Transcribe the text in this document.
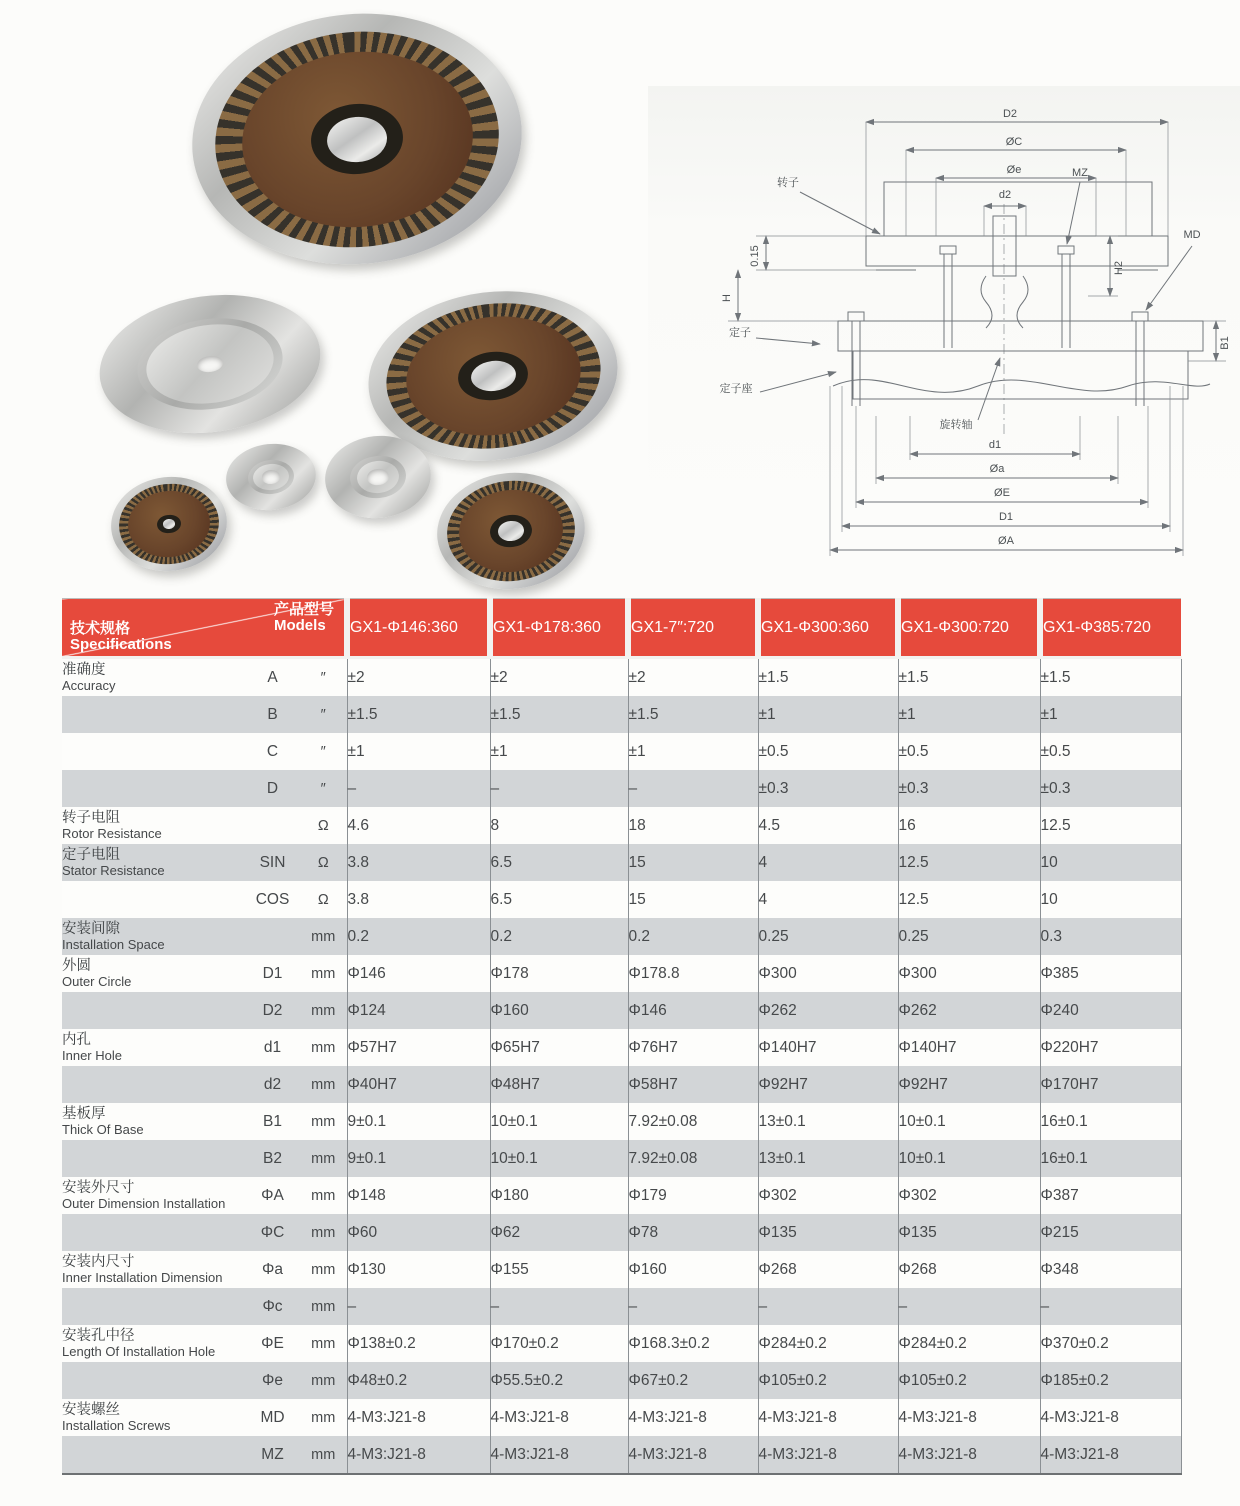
D2
ØC
Øe
d2
0.15
H
H2
B1
转子
MZ
MD
定子
定子座
旋转轴
d1
Øa
ØE
D1
ØA
产品型号
Models
技术规格
Specifications			GX1-Φ146:360	GX1-Φ178:360	GX1-7″:720	GX1-Φ300:360	GX1-Φ300:720	GX1-Φ385:720

准确度
Accuracy	A	″	±2	±2	±2	±1.5	±1.5	±1.5
	B	″	±1.5	±1.5	±1.5	±1	±1	±1
	C	″	±1	±1	±1	±0.5	±0.5	±0.5
	D	″	–	–	–	±0.3	±0.3	±0.3

转子电阻
Rotor Resistance		Ω	4.6	8	18	4.5	16	12.5

定子电阻
Stator Resistance	SIN	Ω	3.8	6.5	15	4	12.5	10
	COS	Ω	3.8	6.5	15	4	12.5	10

安装间隙
Installation Space		mm	0.2	0.2	0.2	0.25	0.25	0.3

外圆
Outer Circle	D1	mm	Φ146	Φ178	Φ178.8	Φ300	Φ300	Φ385
	D2	mm	Φ124	Φ160	Φ146	Φ262	Φ262	Φ240

内孔
Inner Hole	d1	mm	Φ57H7	Φ65H7	Φ76H7	Φ140H7	Φ140H7	Φ220H7
	d2	mm	Φ40H7	Φ48H7	Φ58H7	Φ92H7	Φ92H7	Φ170H7

基板厚
Thick Of Base	B1	mm	9±0.1	10±0.1	7.92±0.08	13±0.1	10±0.1	16±0.1
	B2	mm	9±0.1	10±0.1	7.92±0.08	13±0.1	10±0.1	16±0.1

安装外尺寸
Outer Dimension Installation	ΦA	mm	Φ148	Φ180	Φ179	Φ302	Φ302	Φ387
	ΦC	mm	Φ60	Φ62	Φ78	Φ135	Φ135	Φ215

安装内尺寸
Inner Installation Dimension	Φa	mm	Φ130	Φ155	Φ160	Φ268	Φ268	Φ348
	Φc	mm	–	–	–	–	–	–

安装孔中径
Length Of Installation Hole	ΦE	mm	Φ138±0.2	Φ170±0.2	Φ168.3±0.2	Φ284±0.2	Φ284±0.2	Φ370±0.2
	Φe	mm	Φ48±0.2	Φ55.5±0.2	Φ67±0.2	Φ105±0.2	Φ105±0.2	Φ185±0.2

安装螺丝
Installation Screws	MD	mm	4-M3:J21-8	4-M3:J21-8	4-M3:J21-8	4-M3:J21-8	4-M3:J21-8	4-M3:J21-8
	MZ	mm	4-M3:J21-8	4-M3:J21-8	4-M3:J21-8	4-M3:J21-8	4-M3:J21-8	4-M3:J21-8
